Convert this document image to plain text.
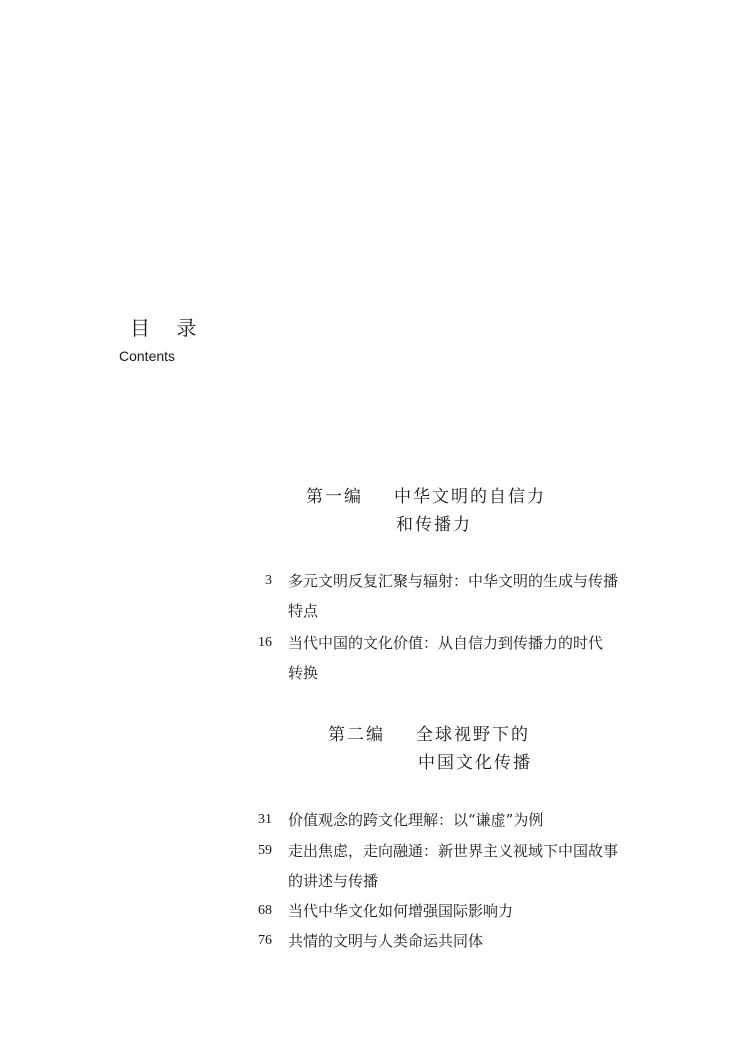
目 录
Contents
第一编 中华文明的自信力
和传播力
3 多元文明反复汇聚与辐射：中华文明的生成与传播
特点
16 当代中国的文化价值：从自信力到传播力的时代
转换
第二编 全球视野下的
中国文化传播
31 价值观念的跨文化理解：以“谦虚”为例
59 走出焦虑，走向融通：新世界主义视域下中国故事
的讲述与传播
68 当代中华文化如何增强国际影响力
76 共情的文明与人类命运共同体
